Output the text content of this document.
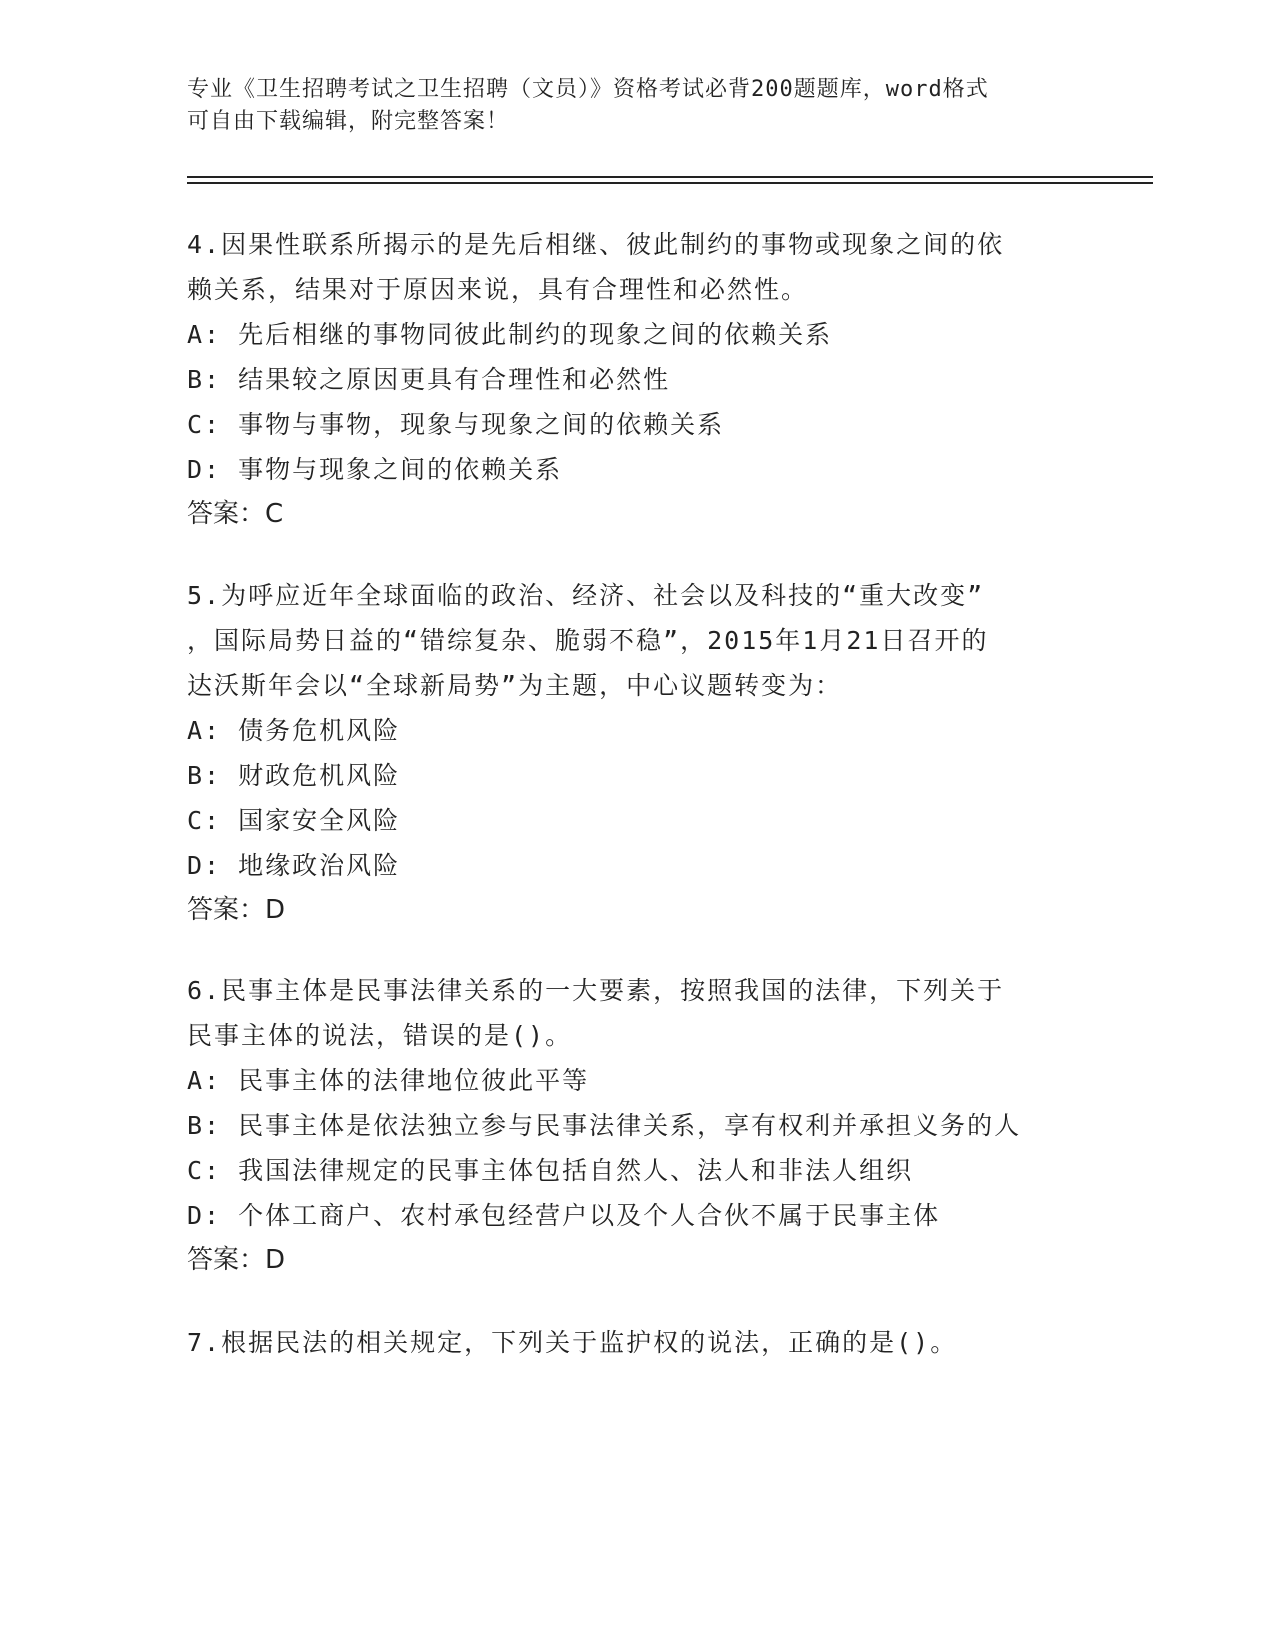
专业《卫生招聘考试之卫生招聘（文员）》资格考试必背200题题库，word格式
可自由下载编辑，附完整答案！
4.因果性联系所揭示的是先后相继、彼此制约的事物或现象之间的依
赖关系，结果对于原因来说，具有合理性和必然性。
A: 先后相继的事物同彼此制约的现象之间的依赖关系
B: 结果较之原因更具有合理性和必然性
C: 事物与事物，现象与现象之间的依赖关系
D: 事物与现象之间的依赖关系
答案：C
5.为呼应近年全球面临的政治、经济、社会以及科技的“重大改变”
，国际局势日益的“错综复杂、脆弱不稳”，2015年1月21日召开的
达沃斯年会以“全球新局势”为主题，中心议题转变为：
A: 债务危机风险
B: 财政危机风险
C: 国家安全风险
D: 地缘政治风险
答案：D
6.民事主体是民事法律关系的一大要素，按照我国的法律，下列关于
民事主体的说法，错误的是()。
A: 民事主体的法律地位彼此平等
B: 民事主体是依法独立参与民事法律关系，享有权利并承担义务的人
C: 我国法律规定的民事主体包括自然人、法人和非法人组织
D: 个体工商户、农村承包经营户以及个人合伙不属于民事主体
答案：D
7.根据民法的相关规定，下列关于监护权的说法，正确的是()。
